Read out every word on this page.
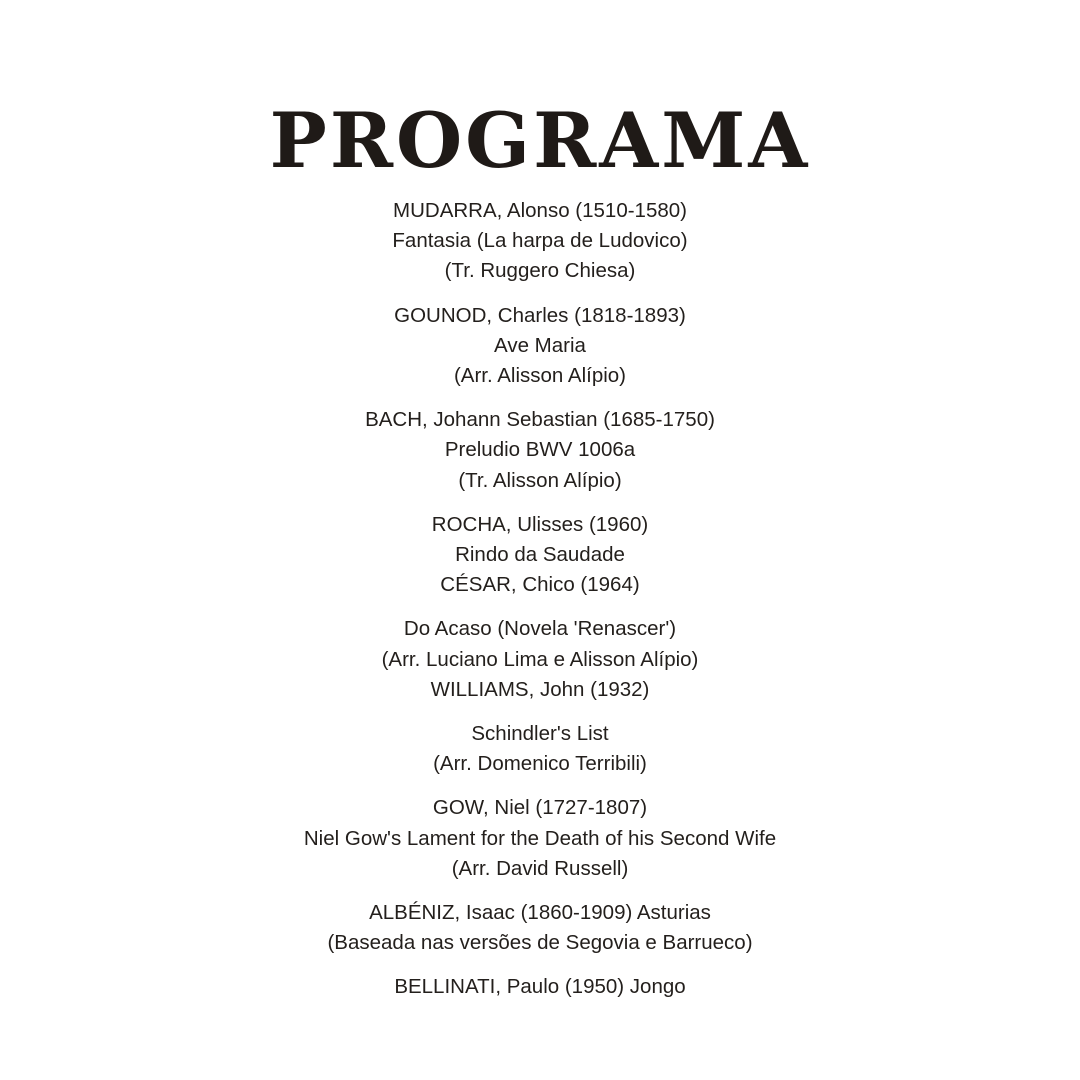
PROGRAMA
MUDARRA, Alonso (1510-1580)
Fantasia (La harpa de Ludovico)
(Tr. Ruggero Chiesa)
GOUNOD, Charles (1818-1893)
Ave Maria
(Arr. Alisson Alípio)
BACH, Johann Sebastian (1685-1750)
Preludio BWV 1006a
(Tr. Alisson Alípio)
ROCHA, Ulisses (1960)
Rindo da Saudade
CÉSAR, Chico (1964)
Do Acaso (Novela 'Renascer')
(Arr. Luciano Lima e Alisson Alípio)
WILLIAMS, John (1932)
Schindler's List
(Arr. Domenico Terribili)
GOW, Niel (1727-1807)
Niel Gow's Lament for the Death of his Second Wife
(Arr. David Russell)
ALBÉNIZ, Isaac (1860-1909) Asturias
(Baseada nas versões de Segovia e Barrueco)
BELLINATI, Paulo (1950) Jongo
